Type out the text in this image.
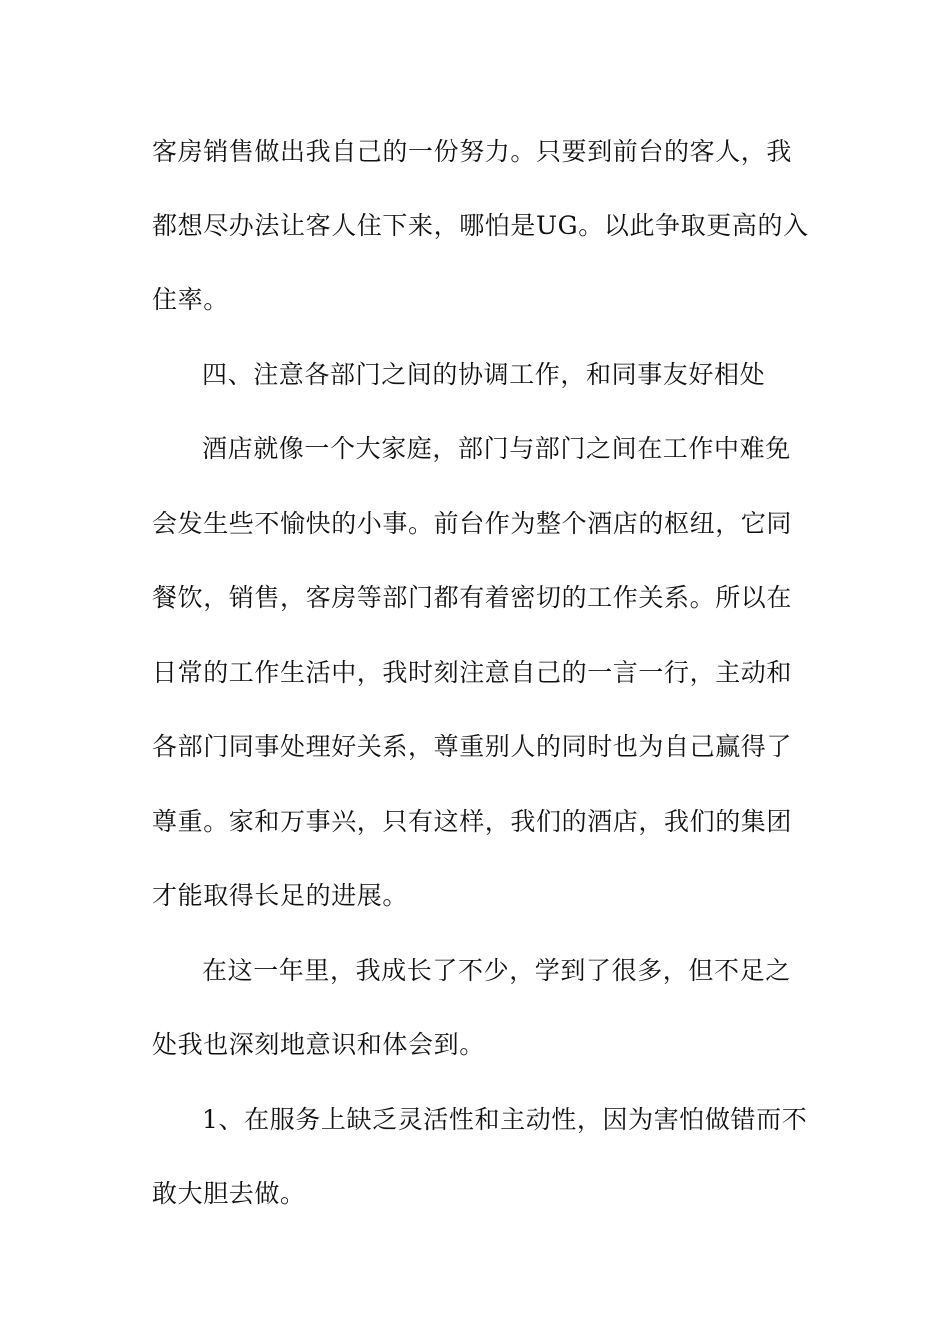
客房销售做出我自己的一份努力。只要到前台的客人，我
都想尽办法让客人住下来，哪怕是UG。以此争取更高的入
住率。
四、注意各部门之间的协调工作，和同事友好相处
酒店就像一个大家庭，部门与部门之间在工作中难免
会发生些不愉快的小事。前台作为整个酒店的枢纽，它同
餐饮，销售，客房等部门都有着密切的工作关系。所以在
日常的工作生活中，我时刻注意自己的一言一行，主动和
各部门同事处理好关系，尊重别人的同时也为自己赢得了
尊重。家和万事兴，只有这样，我们的酒店，我们的集团
才能取得长足的进展。
在这一年里，我成长了不少，学到了很多，但不足之
处我也深刻地意识和体会到。
1、在服务上缺乏灵活性和主动性，因为害怕做错而不
敢大胆去做。
